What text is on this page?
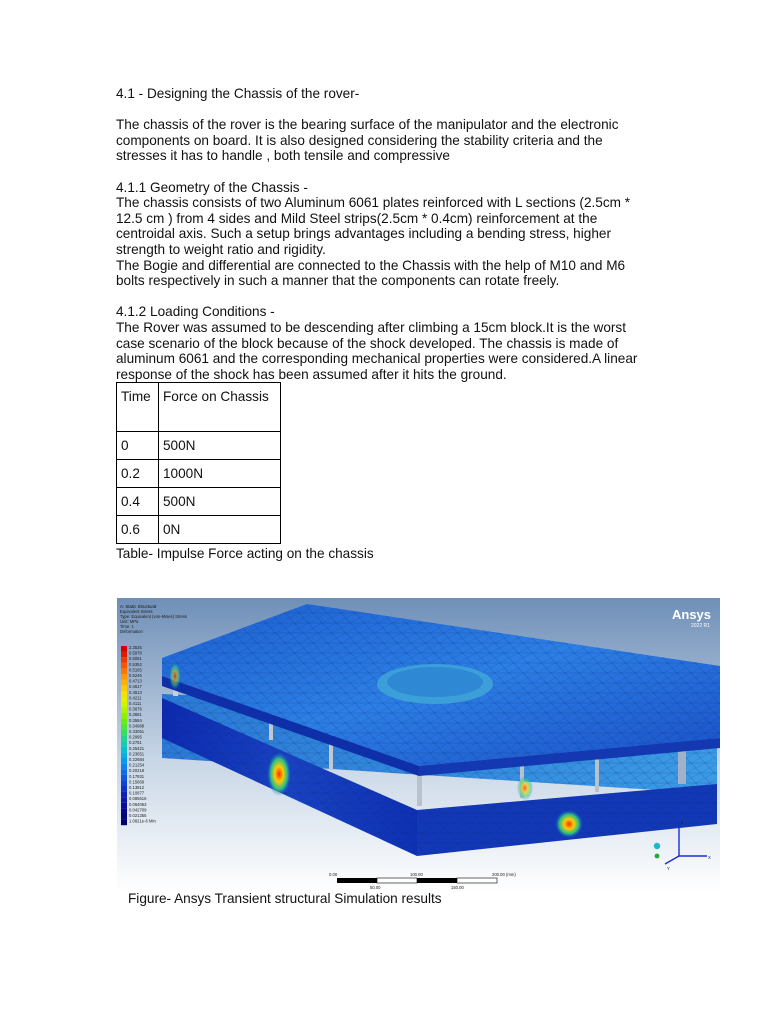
4.1 - Designing the Chassis of the rover-

The chassis of the rover is the bearing surface of the manipulator and the electronic components on board. It is also designed considering the stability criteria and the stresses it has to handle , both tensile and compressive

4.1.1 Geometry of the Chassis -

The chassis consists of two Aluminum 6061 plates reinforced with L sections (2.5cm * 12.5 cm ) from 4 sides and Mild Steel strips(2.5cm * 0.4cm) reinforcement at the centroidal axis. Such a setup brings advantages including a bending stress, higher strength to weight ratio and rigidity.

The Bogie and differential are connected to the Chassis with the help of M10 and M6 bolts respectively in such a manner that the components can rotate freely.

4.1.2 Loading Conditions -

The Rover was assumed to be descending after climbing a 15cm block.It is the worst case scenario of the block because of the shock developed. The chassis is made of aluminum 6061 and the corresponding mechanical properties were considered.A linear response of the shock has been assumed after it hits the ground.

Time	Force on Chassis
0	500N
0.2	1000N
0.4	500N
0.6	0N

Table- Impulse Force acting on the chassis

A: Static Structural
Equivalent Stress
Type: Equivalent (von-Mises) Stress
Unit: MPa
Time: 1
Deformation
2.3525
0.5978
0.5061
0.5352
0.5165
0.5245
0.4713
0.4617
0.4513
0.4211
0.4111
0.3876
0.3681
0.3584
0.34988
0.33051
0.2995
0.2751
0.25421
0.23651
0.22684
0.21254
0.20218
0.17831
0.15669
0.13812
0.10877
0.085616
0.064063
0.042709
0.021355
1.0821e-6 Min
Ansys
2022 R1
0.00	100.00	200.00 (mm)
50.00	150.00
Z
Y
X
Figure- Ansys Transient structural Simulation results
